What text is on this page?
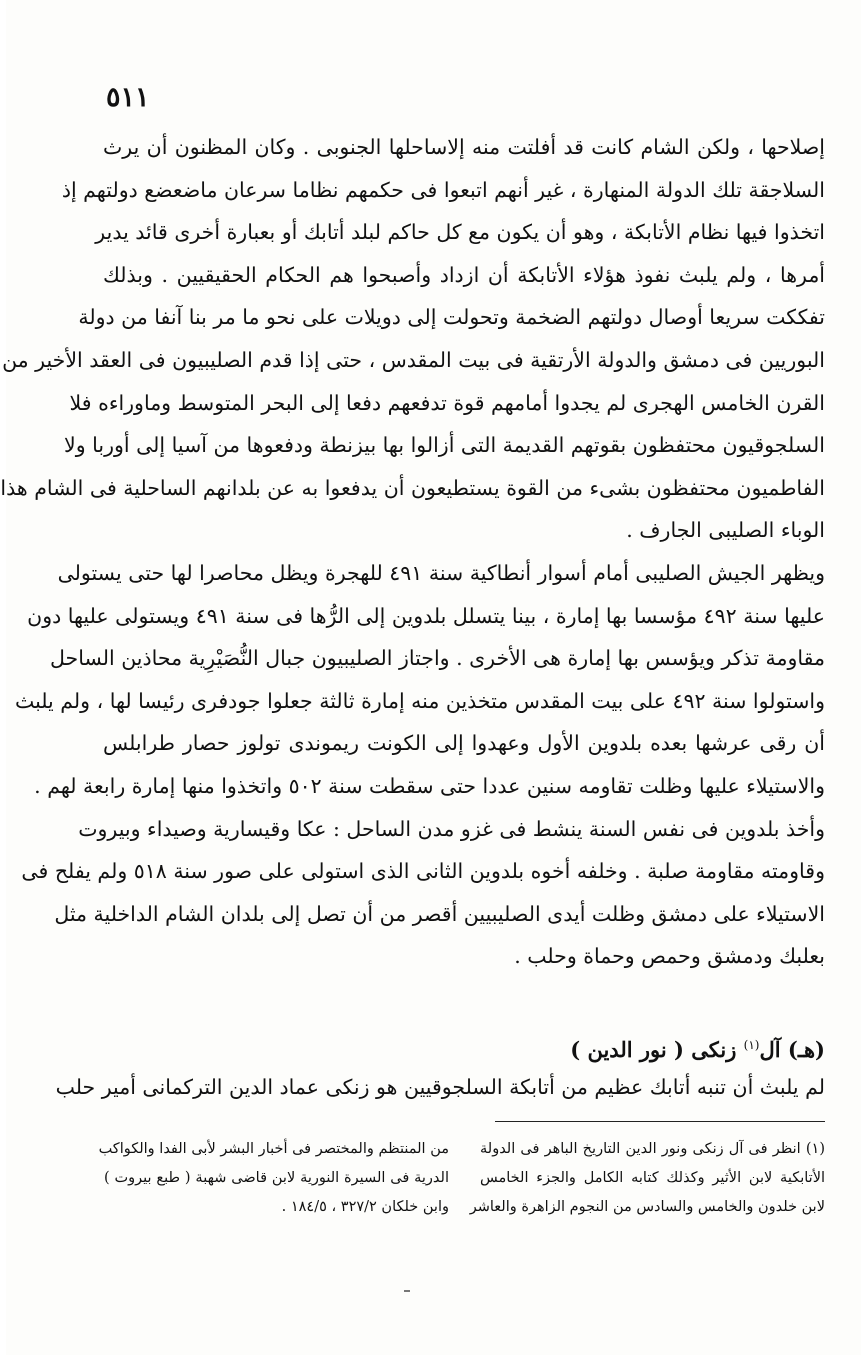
٥١١
إصلاحها ، ولكن الشام كانت قد أفلتت منه إلاساحلها الجنوبى . وكان المظنون أن يرث
السلاجقة تلك الدولة المنهارة ، غير أنهم اتبعوا فى حكمهم نظاما سرعان ماضعضع دولتهم إذ
اتخذوا فيها نظام الأتابكة ، وهو أن يكون مع كل حاكم لبلد أتابك أو بعبارة أخرى قائد يدير
أمرها ، ولم يلبث نفوذ هؤلاء الأتابكة أن ازداد وأصبحوا هم الحكام الحقيقيين . وبذلك
تفككت سريعا أوصال دولتهم الضخمة وتحولت إلى دويلات على نحو ما مر بنا آنفا من دولة
البوريين فى دمشق والدولة الأرتقية فى بيت المقدس ، حتى إذا قدم الصليبيون فى العقد الأخير من
القرن الخامس الهجرى لم يجدوا أمامهم قوة تدفعهم دفعا إلى البحر المتوسط وماوراءه فلا
السلجوقيون محتفظون بقوتهم القديمة التى أزالوا بها بيزنطة ودفعوها من آسيا إلى أوربا ولا
الفاطميون محتفظون بشىء من القوة يستطيعون أن يدفعوا به عن بلدانهم الساحلية فى الشام هذا
الوباء الصليبى الجارف .
ويظهر الجيش الصليبى أمام أسوار أنطاكية سنة ٤٩١ للهجرة ويظل محاصرا لها حتى يستولى
عليها سنة ٤٩٢ مؤسسا بها إمارة ، بينا يتسلل بلدوين إلى الرُّها فى سنة ٤٩١ ويستولى عليها دون
مقاومة تذكر ويؤسس بها إمارة هى الأخرى . واجتاز الصليبيون جبال النُّصَيْرِية محاذين الساحل
واستولوا سنة ٤٩٢ على بيت المقدس متخذين منه إمارة ثالثة جعلوا جودفرى رئيسا لها ، ولم يلبث
أن رقى عرشها بعده بلدوين الأول وعهدوا إلى الكونت ريموندى تولوز حصار طرابلس
والاستيلاء عليها وظلت تقاومه سنين عددا حتى سقطت سنة ٥٠٢ واتخذوا منها إمارة رابعة لهم .
وأخذ بلدوين فى نفس السنة ينشط فى غزو مدن الساحل : عكا وقيسارية وصيداء وبيروت
وقاومته مقاومة صلبة . وخلفه أخوه بلدوين الثانى الذى استولى على صور سنة ٥١٨ ولم يفلح فى
الاستيلاء على دمشق وظلت أيدى الصليبيين أقصر من أن تصل إلى بلدان الشام الداخلية مثل
بعلبك ودمشق وحمص وحماة وحلب .
(هـ) آل$^{(١)}$ زنكى ( نور الدين )
لم يلبث أن تنبه أتابك عظيم من أتابكة السلجوقيين هو زنكى عماد الدين التركمانى أمير حلب
(١) انظر فى آل زنكى ونور الدين التاريخ الباهر فى الدولة
الأتابكية لابن الأثير وكذلك كتابه الكامل والجزء الخامس
لابن خلدون والخامس والسادس من النجوم الزاهرة والعاشر
من المنتظم والمختصر فى أخبار البشر لأبى الفدا والكواكب
الدرية فى السيرة النورية لابن قاضى شهبة ( طبع بيروت )
وابن خلكان ٣٢٧/٢ ، ١٨٤/٥ .
